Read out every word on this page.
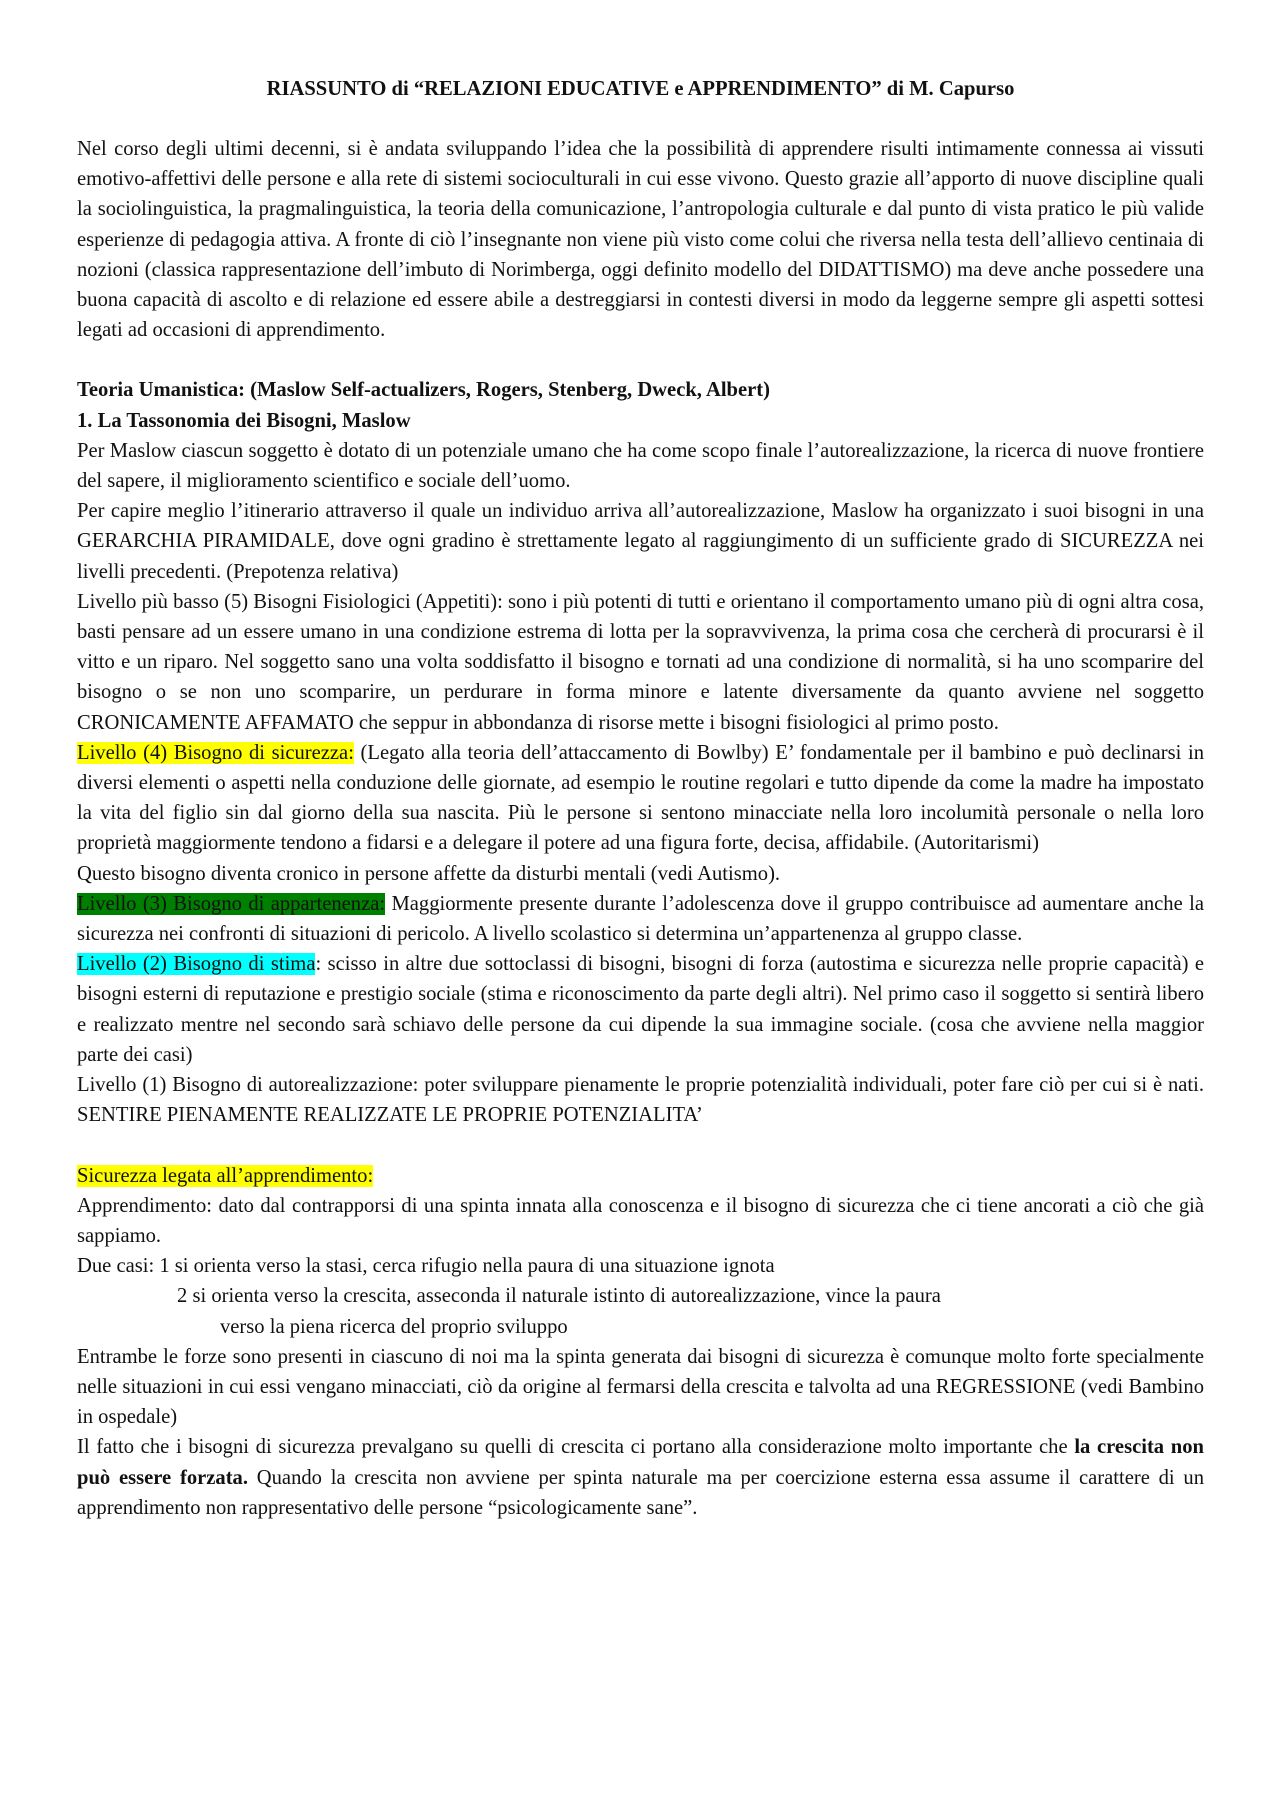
RIASSUNTO di “RELAZIONI EDUCATIVE e APPRENDIMENTO” di M. Capurso

Nel corso degli ultimi decenni, si è andata sviluppando l’idea che la possibilità di apprendere risulti intimamente connessa ai vissuti emotivo-affettivi delle persone e alla rete di sistemi socioculturali in cui esse vivono. Questo grazie all’apporto di nuove discipline quali la sociolinguistica, la pragmalinguistica, la teoria della comunicazione, l’antropologia culturale e dal punto di vista pratico le più valide esperienze di pedagogia attiva. A fronte di ciò l’insegnante non viene più visto come colui che riversa nella testa dell’allievo centinaia di nozioni (classica rappresentazione dell’imbuto di Norimberga, oggi definito modello del DIDATTISMO) ma deve anche possedere una buona capacità di ascolto e di relazione ed essere abile a destreggiarsi in contesti diversi in modo da leggerne sempre gli aspetti sottesi legati ad occasioni di apprendimento.

Teoria Umanistica: (Maslow Self-actualizers, Rogers, Stenberg, Dweck, Albert)

1. La Tassonomia dei Bisogni, Maslow

Per Maslow ciascun soggetto è dotato di un potenziale umano che ha come scopo finale l’autorealizzazione, la ricerca di nuove frontiere del sapere, il miglioramento scientifico e sociale dell’uomo.

Per capire meglio l’itinerario attraverso il quale un individuo arriva all’autorealizzazione, Maslow ha organizzato i suoi bisogni in una GERARCHIA PIRAMIDALE, dove ogni gradino è strettamente legato al raggiungimento di un sufficiente grado di SICUREZZA nei livelli precedenti. (Prepotenza relativa)

Livello più basso (5) Bisogni Fisiologici (Appetiti): sono i più potenti di tutti e orientano il comportamento umano più di ogni altra cosa, basti pensare ad un essere umano in una condizione estrema di lotta per la sopravvivenza, la prima cosa che cercherà di procurarsi è il vitto e un riparo. Nel soggetto sano una volta soddisfatto il bisogno e tornati ad una condizione di normalità, si ha uno scomparire del bisogno o se non uno scomparire, un perdurare in forma minore e latente diversamente da quanto avviene nel soggetto CRONICAMENTE AFFAMATO che seppur in abbondanza di risorse mette i bisogni fisiologici al primo posto.

Livello (4) Bisogno di sicurezza: (Legato alla teoria dell’attaccamento di Bowlby) E’ fondamentale per il bambino e può declinarsi in diversi elementi o aspetti nella conduzione delle giornate, ad esempio le routine regolari e tutto dipende da come la madre ha impostato la vita del figlio sin dal giorno della sua nascita. Più le persone si sentono minacciate nella loro incolumità personale o nella loro proprietà maggiormente tendono a fidarsi e a delegare il potere ad una figura forte, decisa, affidabile. (Autoritarismi)

Questo bisogno diventa cronico in persone affette da disturbi mentali (vedi Autismo).

Livello (3) Bisogno di appartenenza: Maggiormente presente durante l’adolescenza dove il gruppo contribuisce ad aumentare anche la sicurezza nei confronti di situazioni di pericolo. A livello scolastico si determina un’appartenenza al gruppo classe.

Livello (2) Bisogno di stima: scisso in altre due sottoclassi di bisogni, bisogni di forza (autostima e sicurezza nelle proprie capacità) e bisogni esterni di reputazione e prestigio sociale (stima e riconoscimento da parte degli altri). Nel primo caso il soggetto si sentirà libero e realizzato mentre nel secondo sarà schiavo delle persone da cui dipende la sua immagine sociale. (cosa che avviene nella maggior parte dei casi)

Livello (1) Bisogno di autorealizzazione: poter sviluppare pienamente le proprie potenzialità individuali, poter fare ciò per cui si è nati. SENTIRE PIENAMENTE REALIZZATE LE PROPRIE POTENZIALITA’

Sicurezza legata all’apprendimento:

Apprendimento: dato dal contrapporsi di una spinta innata alla conoscenza e il bisogno di sicurezza che ci tiene ancorati a ciò che già sappiamo.

Due casi: 1 si orienta verso la stasi, cerca rifugio nella paura di una situazione ignota

2 si orienta verso la crescita, asseconda il naturale istinto di autorealizzazione, vince la paura

verso la piena ricerca del proprio sviluppo

Entrambe le forze sono presenti in ciascuno di noi ma la spinta generata dai bisogni di sicurezza è comunque molto forte specialmente nelle situazioni in cui essi vengano minacciati, ciò da origine al fermarsi della crescita e talvolta ad una REGRESSIONE (vedi Bambino in ospedale)

Il fatto che i bisogni di sicurezza prevalgano su quelli di crescita ci portano alla considerazione molto importante che la crescita non può essere forzata. Quando la crescita non avviene per spinta naturale ma per coercizione esterna essa assume il carattere di un apprendimento non rappresentativo delle persone “psicologicamente sane”.
